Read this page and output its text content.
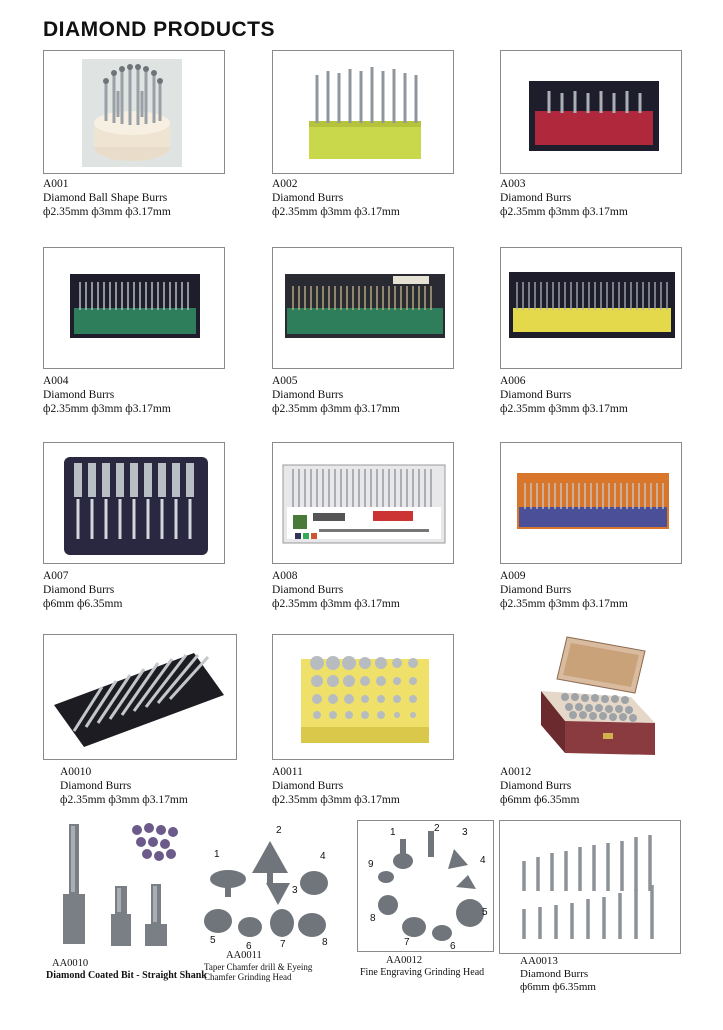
DIAMOND PRODUCTS
A001
Diamond Ball Shape Burrs
ф2.35mm ф3mm ф3.17mm
A002
Diamond Burrs
ф2.35mm ф3mm ф3.17mm
A003
Diamond Burrs
ф2.35mm ф3mm ф3.17mm
A004
Diamond Burrs
ф2.35mm ф3mm ф3.17mm
A005
Diamond Burrs
ф2.35mm ф3mm ф3.17mm
A006
Diamond Burrs
ф2.35mm ф3mm ф3.17mm
A007
Diamond Burrs
ф6mm ф6.35mm
A008
Diamond Burrs
ф2.35mm ф3mm ф3.17mm
A009
Diamond Burrs
ф2.35mm ф3mm ф3.17mm
A0010
Diamond Burrs
ф2.35mm ф3mm ф3.17mm
A0011
Diamond Burrs
ф2.35mm ф3mm ф3.17mm
A0012
Diamond Burrs
ф6mm ф6.35mm
AA0010
Diamond Coated Bit - Straight Shank
1
2
3
4
5
6	7	8
AA0011
Taper Chamfer drill & Eyeing
Chamfer Grinding Head
1	2 3
4
5
6
7
8
9
AA0012
Fine Engraving Grinding Head
AA0013
Diamond Burrs
ф6mm ф6.35mm
